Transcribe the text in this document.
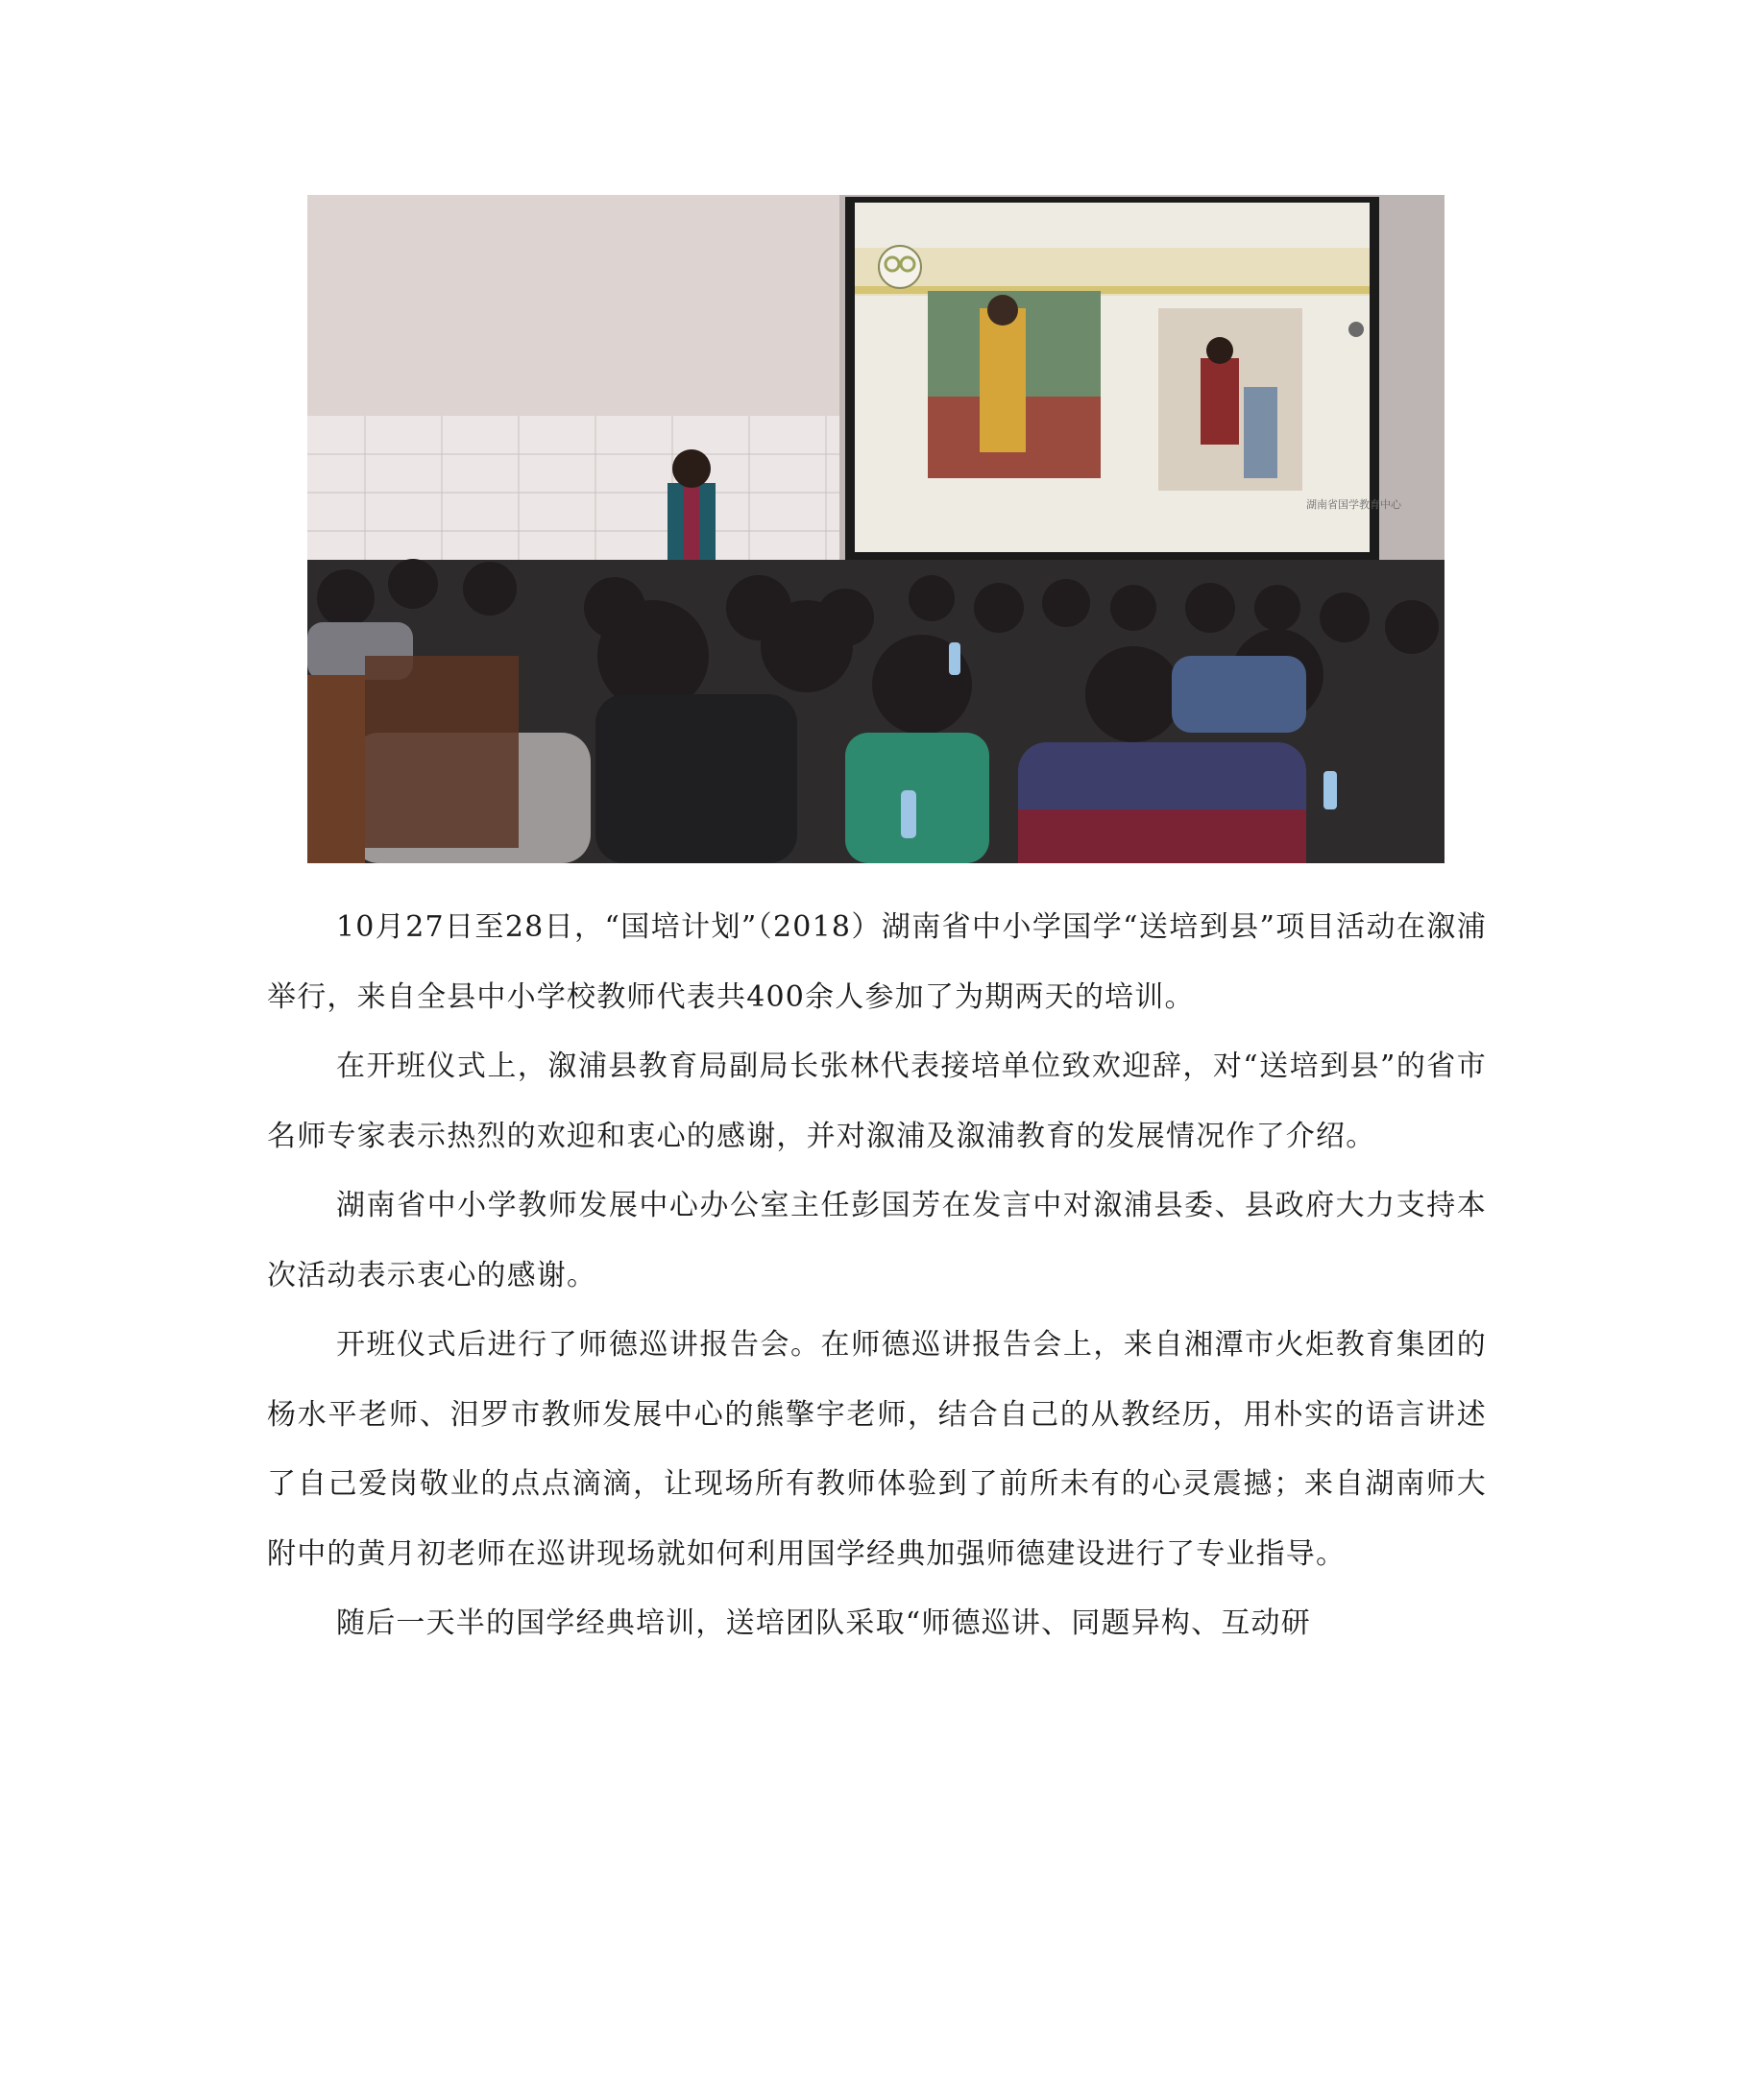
湖南省国学教育中心

10月27日至28日，“国培计划”（2018）湖南省中小学国学“送培到县”项目活动在溆浦举行，来自全县中小学校教师代表共400余人参加了为期两天的培训。

在开班仪式上，溆浦县教育局副局长张林代表接培单位致欢迎辞，对“送培到县”的省市名师专家表示热烈的欢迎和衷心的感谢，并对溆浦及溆浦教育的发展情况作了介绍。

湖南省中小学教师发展中心办公室主任彭国芳在发言中对溆浦县委、县政府大力支持本次活动表示衷心的感谢。

开班仪式后进行了师德巡讲报告会。在师德巡讲报告会上，来自湘潭市火炬教育集团的杨水平老师、汨罗市教师发展中心的熊擎宇老师，结合自己的从教经历，用朴实的语言讲述了自己爱岗敬业的点点滴滴，让现场所有教师体验到了前所未有的心灵震撼；来自湖南师大附中的黄月初老师在巡讲现场就如何利用国学经典加强师德建设进行了专业指导。

随后一天半的国学经典培训，送培团队采取“师德巡讲、同题异构、互动研
